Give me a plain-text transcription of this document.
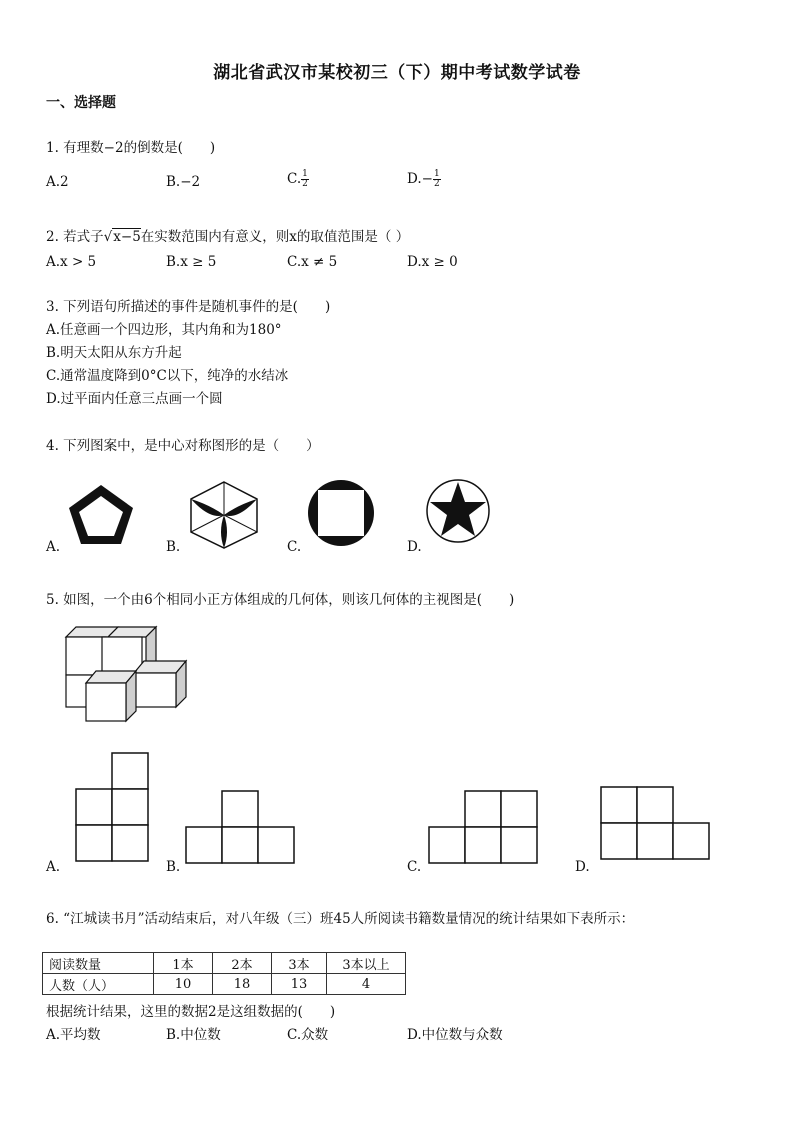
湖北省武汉市某校初三（下）期中考试数学试卷
一、选择题
1. 有理数−2的倒数是(　　)
A.2	B.−2	C. $\frac{1}{2}$	$D.- \frac{1}{2}$
2. 若式子√x−5在实数范围内有意义，则x的取值范围是（ ）
A.x > 5	B.x ≥ 5	C.x ≠ 5	D.x ≥ 0
3. 下列语句所描述的事件是随机事件的是(　　)
A.任意画一个四边形，其内角和为180°
B.明天太阳从东方升起
C.通常温度降到0°C以下，纯净的水结冰
D.过平面内任意三点画一个圆
4. 下列图案中，是中心对称图形的是（　　）
A.	B.	C.	D.
5. 如图，一个由6个相同小正方体组成的几何体，则该几何体的主视图是(　　)
A.	B.	C.	D.
6. “江城读书月”活动结束后，对八年级（三）班45人所阅读书籍数量情况的统计结果如下表所示：
阅读数量	1本	2本	3本	3本以上
人数（人）	10	18	13	4
根据统计结果，这里的数据2是这组数据的(　　)
A.平均数	B.中位数	C.众数	D.中位数与众数
